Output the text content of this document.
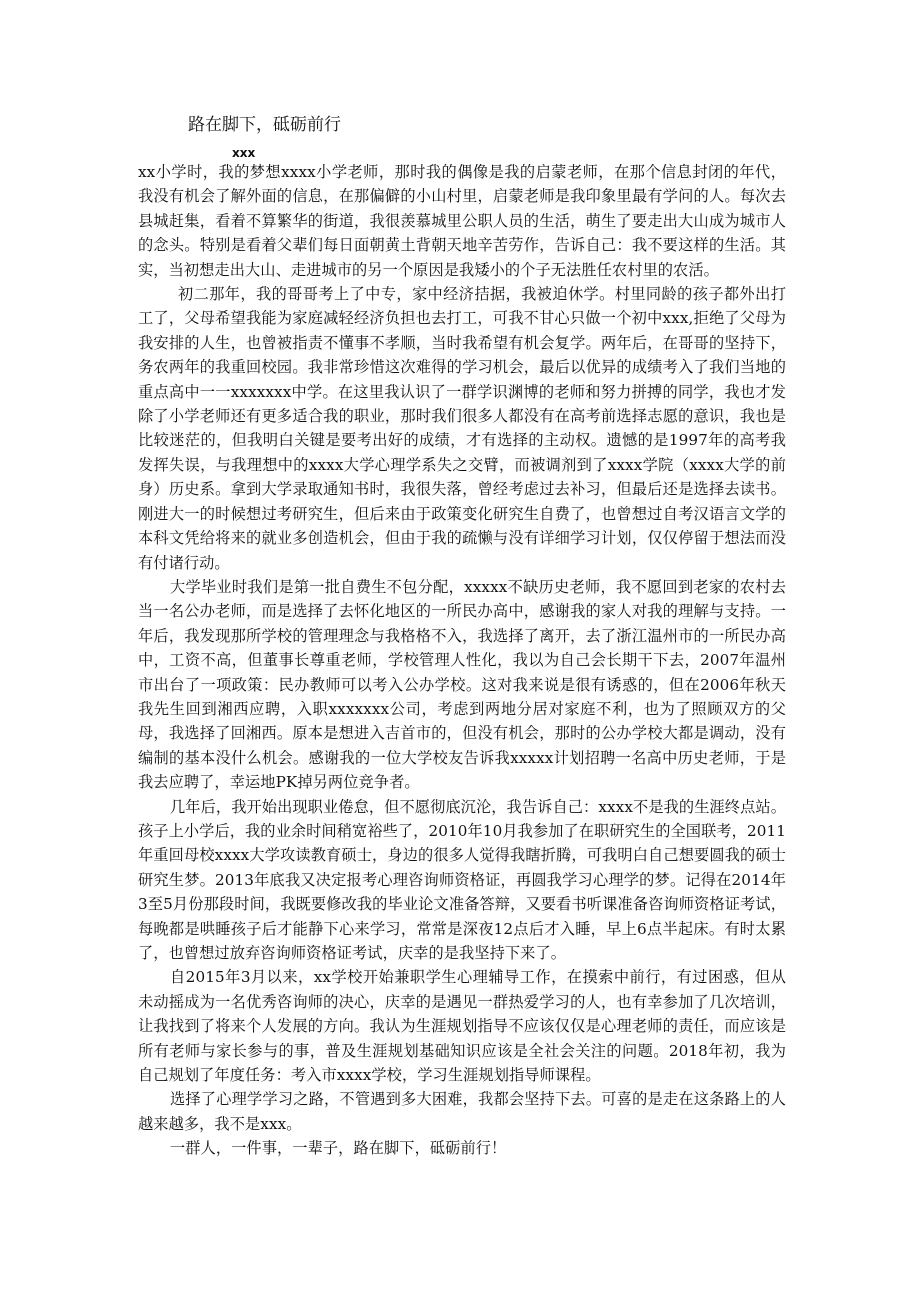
路在脚下，砥砺前行
xxx

xx小学时，我的梦想xxxx小学老师，那时我的偶像是我的启蒙老师，在那个信息封闭的年代，我没有机会了解外面的信息，在那偏僻的小山村里，启蒙老师是我印象里最有学问的人。每次去县城赶集，看着不算繁华的街道，我很羡慕城里公职人员的生活，萌生了要走出大山成为城市人的念头。特别是看着父辈们每日面朝黄土背朝天地辛苦劳作，告诉自己：我不要这样的生活。其实，当初想走出大山、走进城市的另一个原因是我矮小的个子无法胜任农村里的农活。

初二那年，我的哥哥考上了中专，家中经济拮据，我被迫休学。村里同龄的孩子都外出打工了，父母希望我能为家庭减轻经济负担也去打工，可我不甘心只做一个初中xxx,拒绝了父母为我安排的人生，也曾被指责不懂事不孝顺，当时我希望有机会复学。两年后，在哥哥的坚持下，务农两年的我重回校园。我非常珍惜这次难得的学习机会，最后以优异的成绩考入了我们当地的重点高中一一xxxxxxx中学。在这里我认识了一群学识渊博的老师和努力拼搏的同学，我也才发除了小学老师还有更多适合我的职业，那时我们很多人都没有在高考前选择志愿的意识，我也是比较迷茫的，但我明白关键是要考出好的成绩，才有选择的主动权。遗憾的是1997年的高考我发挥失误，与我理想中的xxxx大学心理学系失之交臂，而被调剂到了xxxx学院（xxxx大学的前身）历史系。拿到大学录取通知书时，我很失落，曾经考虑过去补习，但最后还是选择去读书。刚进大一的时候想过考研究生，但后来由于政策变化研究生自费了，也曾想过自考汉语言文学的本科文凭给将来的就业多创造机会，但由于我的疏懒与没有详细学习计划，仅仅停留于想法而没有付诸行动。

大学毕业时我们是第一批自费生不包分配，xxxxx不缺历史老师，我不愿回到老家的农村去当一名公办老师，而是选择了去怀化地区的一所民办高中，感谢我的家人对我的理解与支持。一年后，我发现那所学校的管理理念与我格格不入，我选择了离开，去了浙江温州市的一所民办高中，工资不高，但董事长尊重老师，学校管理人性化，我以为自己会长期干下去，2007年温州市出台了一项政策：民办教师可以考入公办学校。这对我来说是很有诱惑的，但在2006年秋天我先生回到湘西应聘，入职xxxxxxx公司，考虑到两地分居对家庭不利，也为了照顾双方的父母，我选择了回湘西。原本是想进入吉首市的，但没有机会，那时的公办学校大都是调动，没有编制的基本没什么机会。感谢我的一位大学校友告诉我xxxxx计划招聘一名高中历史老师，于是我去应聘了，幸运地PK掉另两位竞争者。

几年后，我开始出现职业倦怠，但不愿彻底沉沦，我告诉自己：xxxx不是我的生涯终点站。孩子上小学后，我的业余时间稍宽裕些了，2010年10月我参加了在职研究生的全国联考，2011年重回母校xxxx大学攻读教育硕士，身边的很多人觉得我瞎折腾，可我明白自己想要圆我的硕士研究生梦。2013年底我又决定报考心理咨询师资格证，再圆我学习心理学的梦。记得在2014年3至5月份那段时间，我既要修改我的毕业论文准备答辩，又要看书听课准备咨询师资格证考试，每晚都是哄睡孩子后才能静下心来学习，常常是深夜12点后才入睡，早上6点半起床。有时太累了，也曾想过放弃咨询师资格证考试，庆幸的是我坚持下来了。

自2015年3月以来，xx学校开始兼职学生心理辅导工作，在摸索中前行，有过困惑，但从未动摇成为一名优秀咨询师的决心，庆幸的是遇见一群热爱学习的人，也有幸参加了几次培训，让我找到了将来个人发展的方向。我认为生涯规划指导不应该仅仅是心理老师的责任，而应该是所有老师与家长参与的事，普及生涯规划基础知识应该是全社会关注的问题。2018年初，我为自己规划了年度任务：考入市xxxx学校，学习生涯规划指导师课程。

选择了心理学学习之路，不管遇到多大困难，我都会坚持下去。可喜的是走在这条路上的人越来越多，我不是xxx。

一群人，一件事，一辈子，路在脚下，砥砺前行！
